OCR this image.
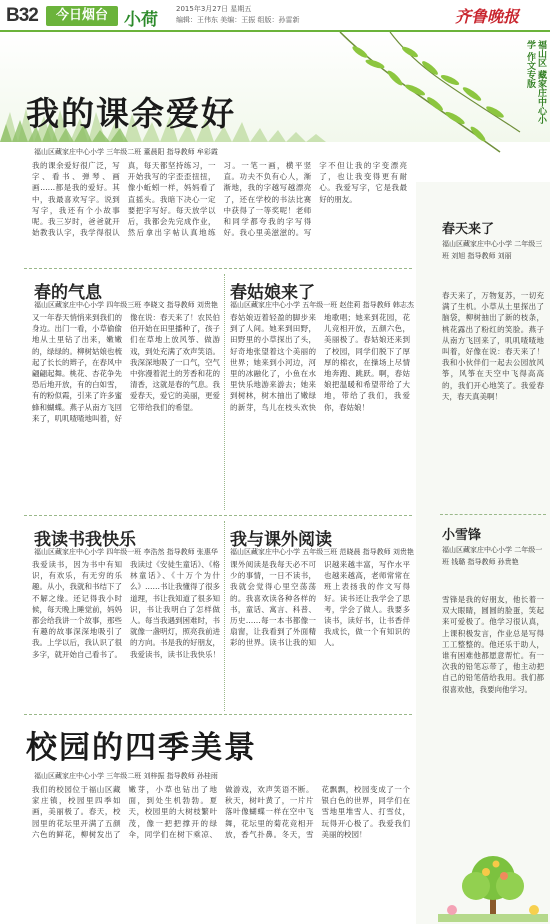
B32	今日烟台 小荷
2015年3月27日 星期五
编辑：王伟东 美编：王振 组版：孙雷新	齐鲁晚报
福山区 藏家庄中心小学 作文专版
我的课余爱好
福山区藏家庄中心小学 三年级二班 董晨阳 指导教师 牟彩霞
我的课余爱好很广泛，写字、看书、弹琴、画画……都是我的爱好。其中，我最喜欢写字。说到写字，我还有个小故事呢。我三岁时，爸爸就开始教我认字，我学得很认真，每天都坚持练习，一开始我写的字歪歪扭扭，像小蚯蚓一样，妈妈看了直摇头。我暗下决心一定要把字写好。每天放学以后，我都会先完成作业，然后拿出字帖认真地练习。一笔一画，横平竖直。功夫不负有心人，渐渐地，我的字越写越漂亮了，还在学校的书法比赛中获得了一等奖呢！老师和同学都夸我的字写得好。我心里美滋滋的。写字不但让我的字变漂亮了，也让我变得更有耐心。我爱写字，它是我最好的朋友。
春的气息
福山区藏家庄中心小学 四年级三班 李晓文 指导教师 刘贵艳
又一年春天悄悄来到我们的身边。出门一看，小草偷偷地从土里钻了出来，嫩嫩的，绿绿的。柳树姑娘也梳起了长长的辫子，在春风中翩翩起舞。桃花、杏花争先恐后地开放，有的白如雪，有的粉似霞，引来了许多蜜蜂和蝴蝶。燕子从南方飞回来了，叽叽喳喳地叫着，好像在说：春天来了！农民伯伯开始在田里播种了，孩子们在草地上放风筝、做游戏，到处充满了欢声笑语。我深深地吸了一口气，空气中弥漫着泥土的芳香和花的清香，这就是春的气息。我爱春天，爱它的美丽，更爱它带给我们的希望。
春姑娘来了
福山区藏家庄中心小学 五年级一班 赵佳莉 指导教师 韩志杰
春姑娘迈着轻盈的脚步来到了人间。她来到田野，田野里的小草探出了头，好奇地张望着这个美丽的世界；她来到小河边，河里的冰融化了，小鱼在水里快乐地游来游去；她来到树林，树木抽出了嫩绿的新芽，鸟儿在枝头欢快地歌唱；她来到花园，花儿竞相开放，五颜六色，美丽极了。春姑娘还来到了校园，同学们脱下了厚厚的棉衣，在操场上尽情地奔跑、跳跃。啊，春姑娘把温暖和希望带给了大地，带给了我们，我爱你，春姑娘！
我读书我快乐
福山区藏家庄中心小学 四年级一班 李浩然 指导教师 张惠华
我爱读书，因为书中有知识，有欢乐，有无穷的乐趣。从小，我就和书结下了不解之缘。还记得我小时候，每天晚上睡觉前，妈妈都会给我讲一个故事，那些有趣的故事深深地吸引了我。上学以后，我认识了很多字，就开始自己看书了。我读过《安徒生童话》、《格林童话》、《十万个为什么》……书让我懂得了很多道理，书让我知道了很多知识，书让我明白了怎样做人。每当我遇到困难时，书就像一盏明灯，照亮我前进的方向。书是我的好朋友，我爱读书，读书让我快乐！
我与课外阅读
福山区藏家庄中心小学 五年级三班 范晓晨 指导教师 刘贵艳
课外阅读是我每天必不可少的事情，一日不读书，我就会觉得心里空荡荡的。我喜欢读各种各样的书，童话、寓言、科普、历史……每一本书都像一扇窗，让我看到了外面精彩的世界。读书让我的知识越来越丰富，写作水平也越来越高，老师常常在班上表扬我的作文写得好。读书还让我学会了思考，学会了做人。我要多读书，读好书，让书香伴我成长，做一个有知识的人。
校园的四季美景
福山区藏家庄中心小学 三年级二班 刘梓振 指导教师 孙桂雨
我们的校园位于福山区藏家庄镇，校园里四季如画，美丽极了。春天，校园里的花坛里开满了五颜六色的鲜花，柳树发出了嫩芽，小草也钻出了地面，到处生机勃勃。夏天，校园里的大树枝繁叶茂，像一把把撑开的绿伞，同学们在树下乘凉、做游戏，欢声笑语不断。秋天，树叶黄了，一片片落叶像蝴蝶一样在空中飞舞，花坛里的菊花竞相开放，香气扑鼻。冬天，雪花飘飘，校园变成了一个银白色的世界，同学们在雪地里堆雪人、打雪仗，玩得开心极了。我爱我们美丽的校园！
春天来了
福山区藏家庄中心小学 二年级三班 刘旭 指导教师 刘丽
春天来了，万物复苏，一切充满了生机。小草从土里探出了脑袋，柳树抽出了新的枝条，桃花露出了粉红的笑脸。燕子从南方飞回来了，叽叽喳喳地叫着，好像在说：春天来了！我和小伙伴们一起去公园放风筝，风筝在天空中飞得高高的，我们开心地笑了。我爱春天，春天真美啊！
小雪锋
福山区藏家庄中心小学 二年级一班 钱璐 指导教师 孙贵艳
雪锋是我的好朋友，他长着一双大眼睛，圆圆的脸蛋，笑起来可爱极了。他学习很认真，上课积极发言，作业总是写得工工整整的。他还乐于助人，谁有困难他都愿意帮忙。有一次我的铅笔忘带了，他主动把自己的铅笔借给我用。我们都很喜欢他，我要向他学习。
